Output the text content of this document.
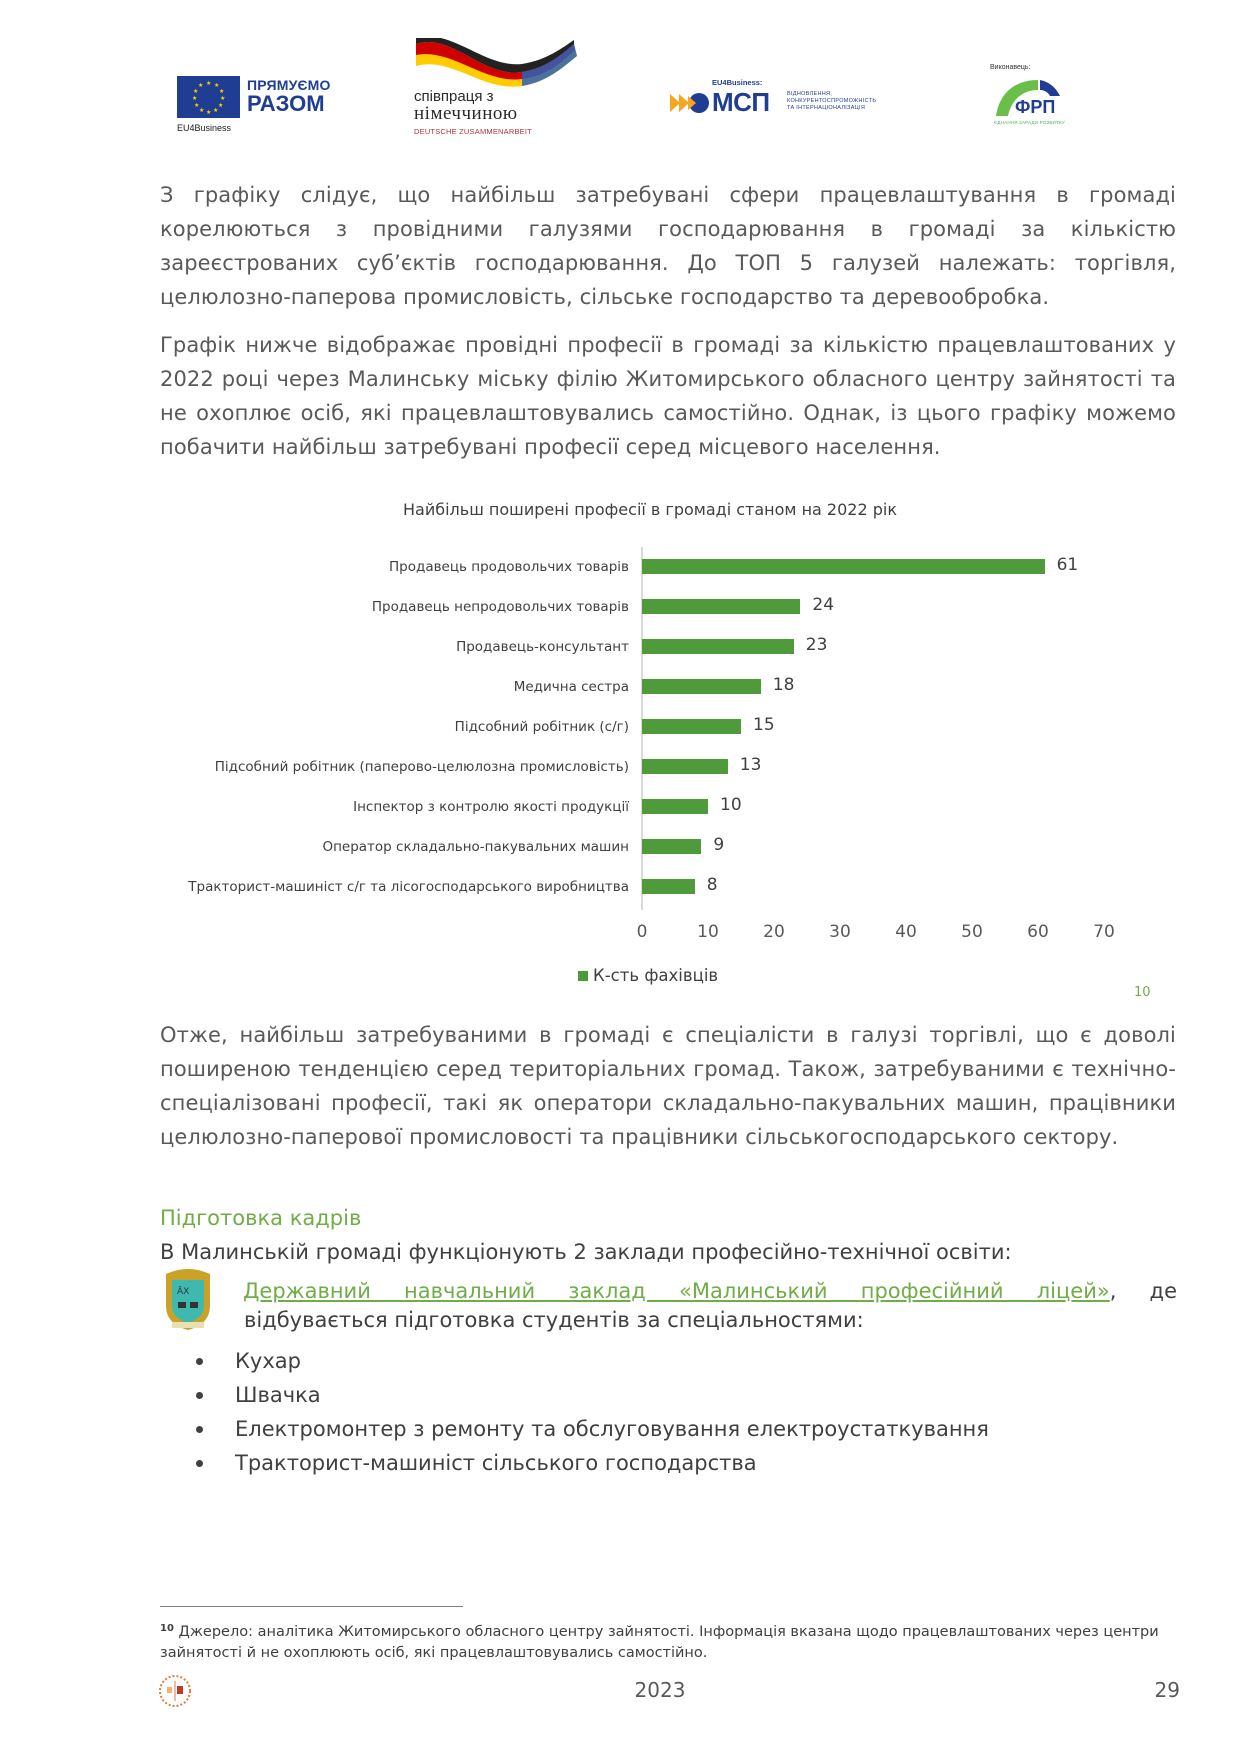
★ ★
★
★
★
★
★
★
★
★
★
★	ПРЯМУЄМО
РАЗОМ
EU4Business
співпраця з
німеччиною
DEUTSCHE ZUSAMMENARBEIT
EU4Business:
МСП	ВІДНОВЛЕННЯ,
КОНКУРЕНТОСПРОМОЖНІСТЬ
ТА ІНТЕРНАЦІОНАЛІЗАЦІЯ
Виконавець:
ФРП
ЄДНАННЯ ЗАРАДИ РОЗВИТКУ

З графіку слідує, що найбільш затребувані сфери працевлаштування в громаді корелюються з провідними галузями господарювання в громаді за кількістю зареєстрованих суб’єктів господарювання. До ТОП 5 галузей належать: торгівля, целюлозно-паперова промисловість, сільське господарство та деревообробка.

Графік нижче відображає провідні професії в громаді за кількістю працевлаштованих у 2022 році через Малинську міську філію Житомирського обласного центру зайнятості та не охоплює осіб, які працевлаштовувались самостійно. Однак, із цього графіку можемо побачити найбільш затребувані професії серед місцевого населення.

Найбільш поширені професії в громаді станом на 2022 рік
Продавець продовольчих товарів	61
Продавець непродовольчих товарів	24
Продавець-консультант	23
Медична сестра	18
Підсобний робітник (с/г)	15
Підсобний робітник (паперово-целюлозна промисловість)	13
Інспектор з контролю якості продукції	10
Оператор складально-пакувальних машин	9
Тракторист-машиніст с/г та лісогосподарського виробництва	8
0	10	20	30	40	50	60	70
К-сть фахівців
10

Отже, найбільш затребуваними в громаді є спеціалісти в галузі торгівлі, що є доволі поширеною тенденцією серед територіальних громад. Також, затребуваними є технічно-спеціалізовані професії, такі як оператори складально-пакувальних машин, працівники целюлозно-паперової промисловості та працівники сільськогосподарського сектору.

Підготовка кадрів
В Малинській громаді функціонують 2 заклади професійно-технічної освіти:
ĀX	Державний навчальний заклад «Малинський професійний ліцей», де
відбувається підготовка студентів за спеціальностями:
Кухар
Швачка
Електромонтер з ремонту та обслуговування електроустаткування
Тракторист-машиніст сільського господарства
$^{10}$ Джерело: аналітика Житомирського обласного центру зайнятості. Інформація вказана щодо працевлаштованих через центри зайнятості й не охоплюють осіб, які працевлаштовувались самостійно.
2023	29
